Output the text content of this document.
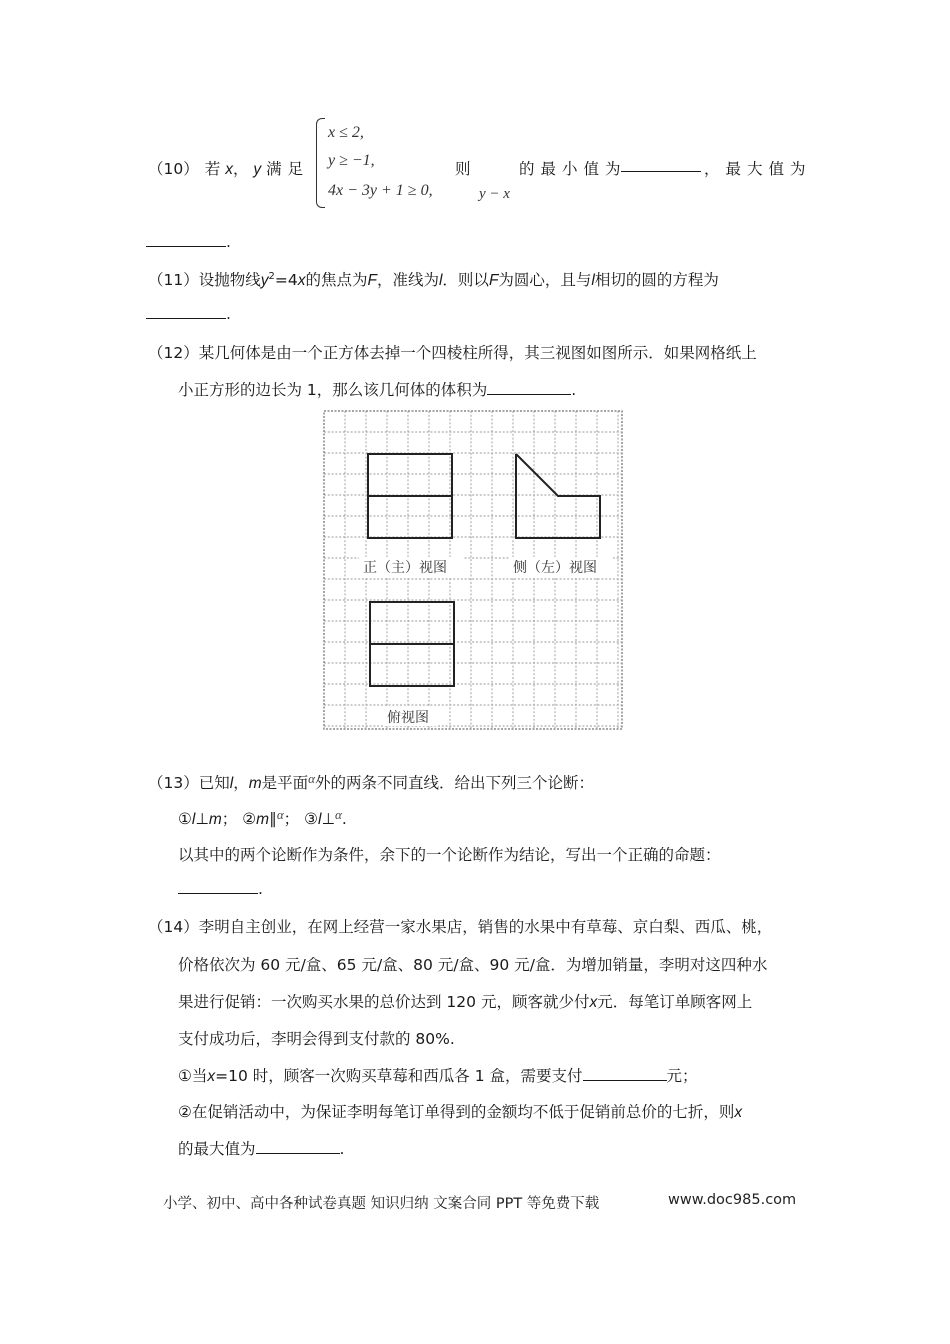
x ≤ 2,
y ≥ −1,
4x − 3y + 1 ≥ 0,	y − x
（10） 若 x， y 满足	则	的最小值为	，最大值为
.
（11）设抛物线$y^2=4x$的焦点为F，准线为l．则以F为圆心，且与l相切的圆的方程为
.
（12）某几何体是由一个正方体去掉一个四棱柱所得，其三视图如图所示．如果网格纸上
小正方形的边长为 1，那么该几何体的体积为	.
正（主）视图	侧（左）视图
俯视图
（13）已知l，m是平面$^\alpha$外的两条不同直线．给出下列三个论断：
①l⊥m； ②m∥$^\alpha$； ③l⊥$^\alpha$.
以其中的两个论断作为条件，余下的一个论断作为结论，写出一个正确的命题：
.
（14）李明自主创业，在网上经营一家水果店，销售的水果中有草莓、京白梨、西瓜、桃，
价格依次为 60 元/盒、65 元/盒、80 元/盒、90 元/盒．为增加销量，李明对这四种水
果进行促销：一次购买水果的总价达到 120 元，顾客就少付x元．每笔订单顾客网上
支付成功后，李明会得到支付款的 80%.
①当x=10 时，顾客一次购买草莓和西瓜各 1 盒，需要支付	元；
②在促销活动中，为保证李明每笔订单得到的金额均不低于促销前总价的七折，则x
的最大值为	.
小学、初中、高中各种试卷真题 知识归纳 文案合同 PPT 等免费下载	www.doc985.com
